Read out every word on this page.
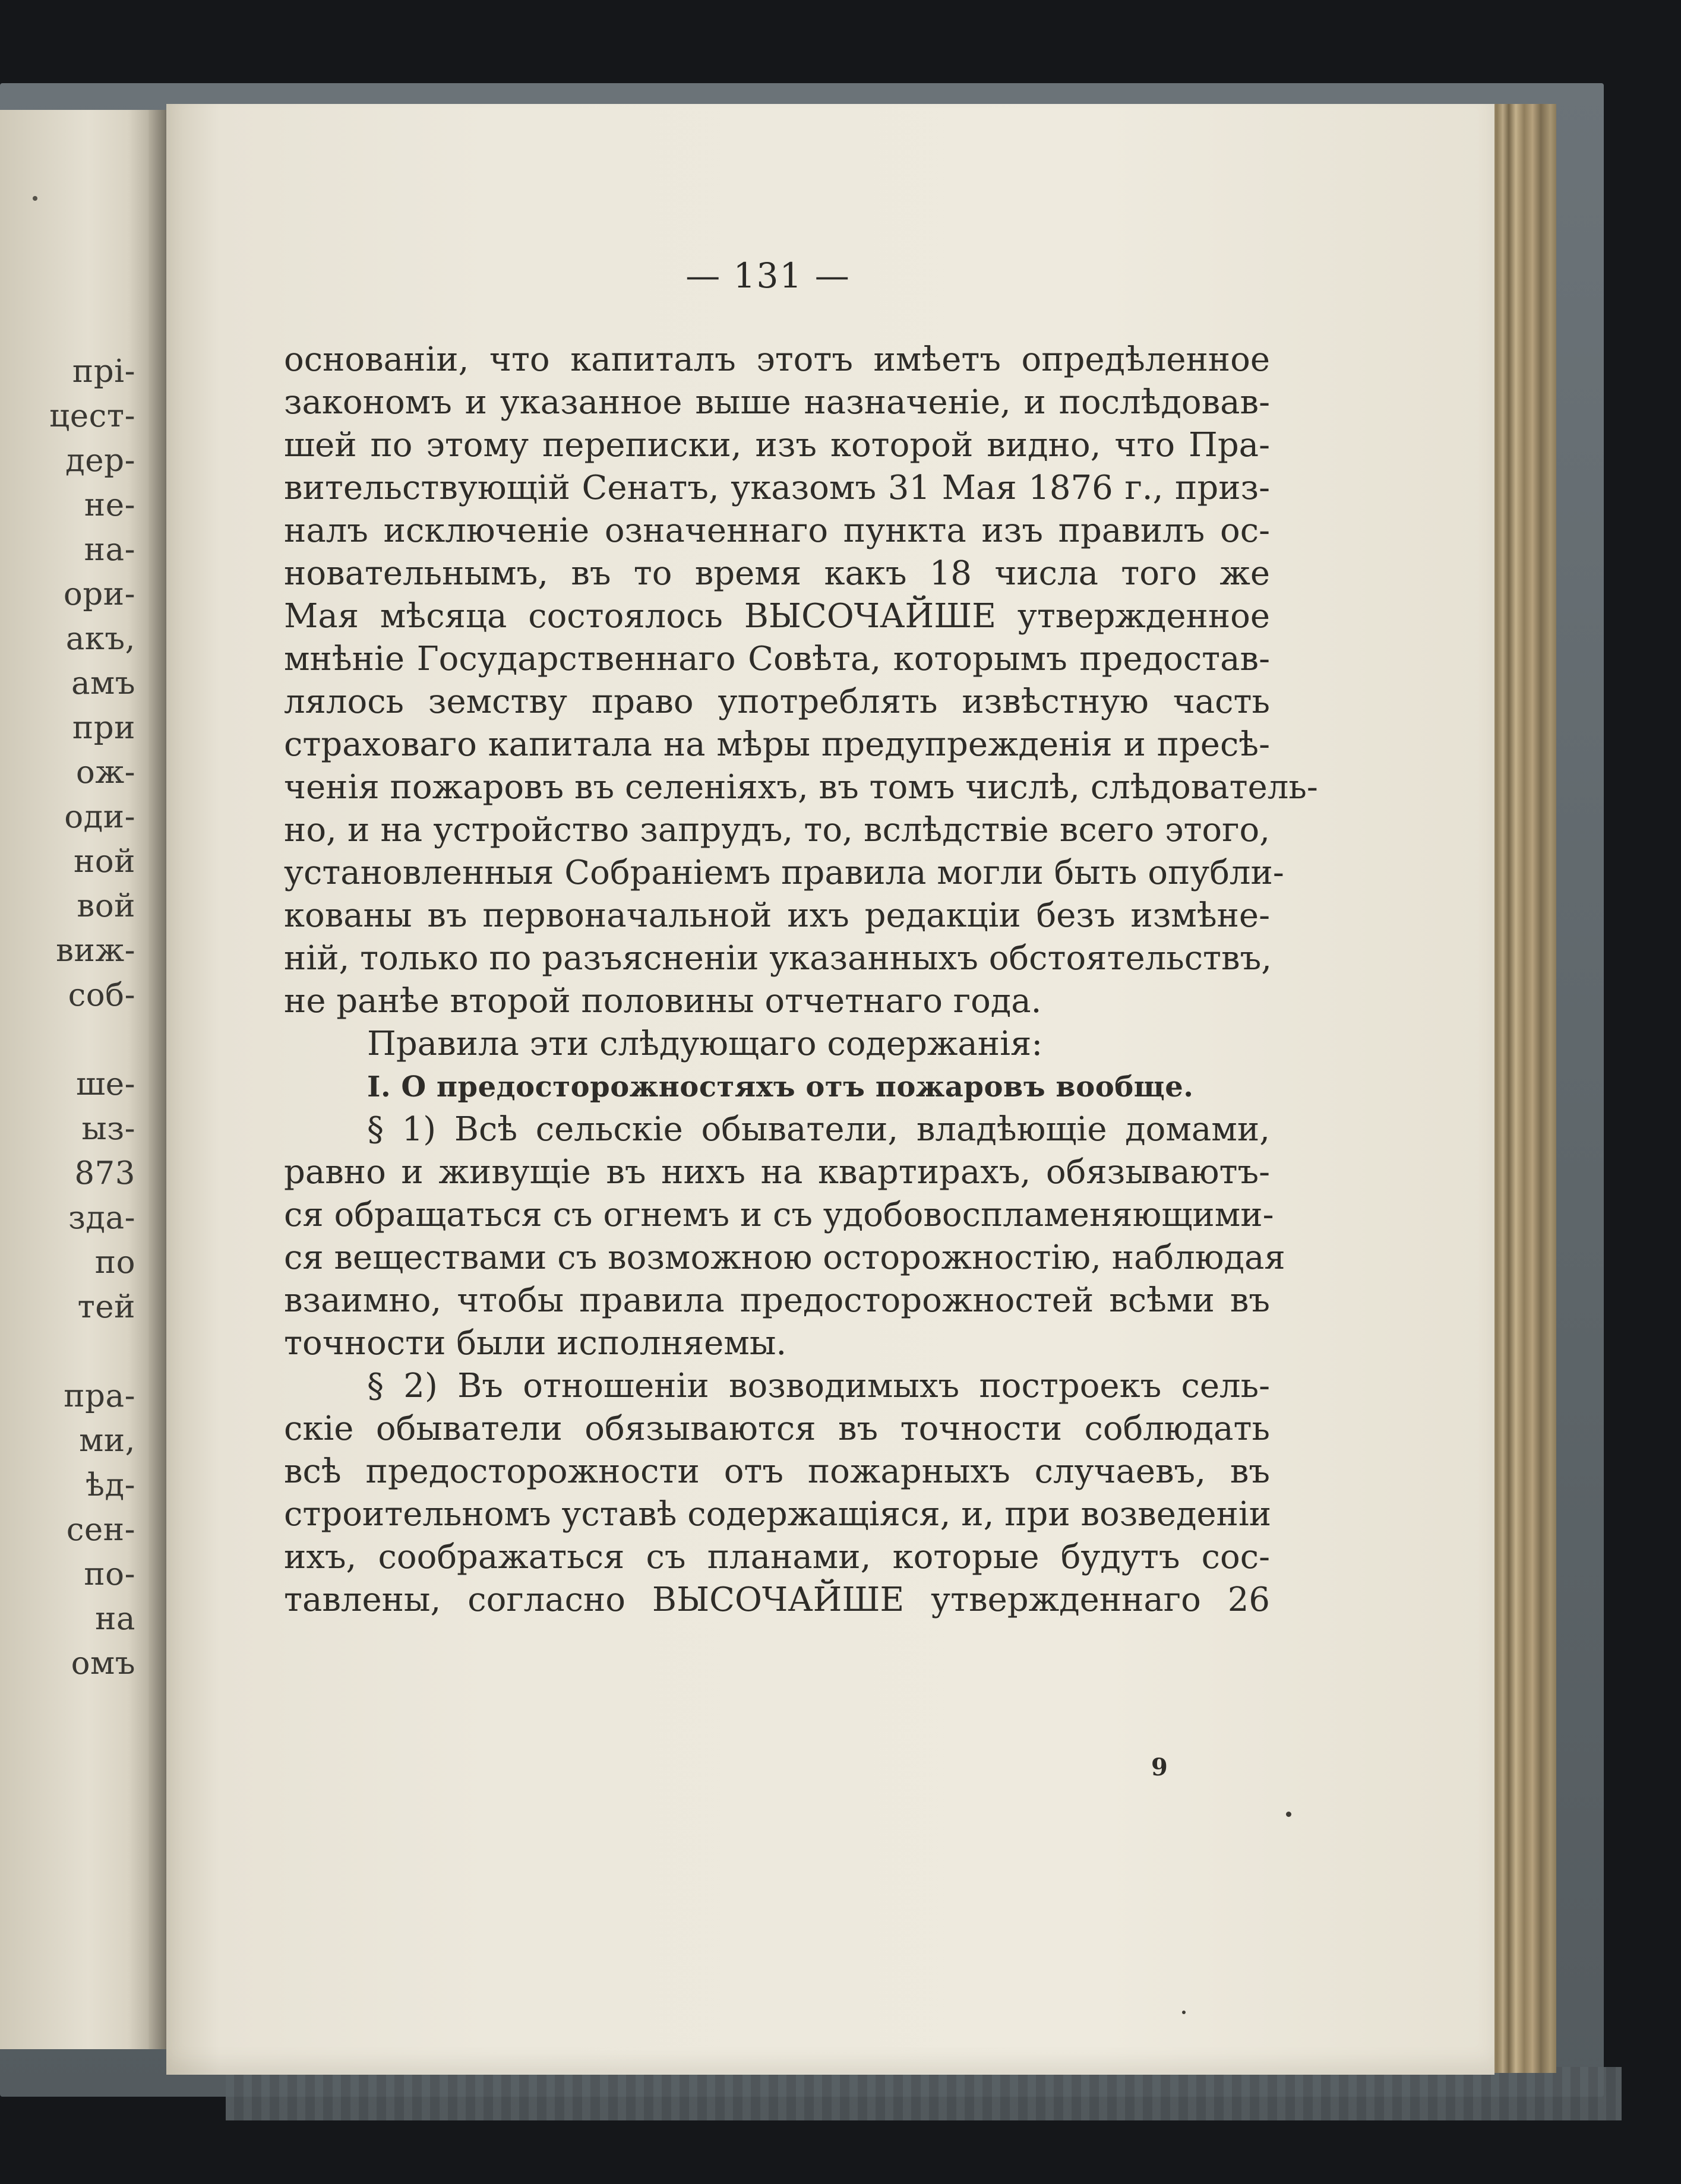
прі-
цест-
дер-
не-
на-
ори-
акъ,
амъ
при
ож-
оди-
ной
вой
виж-
соб-
ше-
ыз-
873
зда-
по
тей
пра-
ми,
ѣд-
сен-
по-
на
омъ
— 131 —
основаніи, что капиталъ этотъ имѣетъ опредѣленное
закономъ и указанное выше назначеніе, и послѣдовав-
шей по этому переписки, изъ которой видно, что Пра-
вительствующій Сенатъ, указомъ 31 Мая 1876 г., приз-
налъ исключеніе означеннаго пункта изъ правилъ ос-
новательнымъ, въ то время какъ 18 числа того же
Мая мѣсяца состоялось ВЫСОЧАЙШЕ утвержденное
мнѣніе Государственнаго Совѣта, которымъ предостав-
лялось земству право употреблять извѣстную часть
страховаго капитала на мѣры предупрежденія и пресѣ-
ченія пожаровъ въ селеніяхъ, въ томъ числѣ, слѣдователь-
но, и на устройство запрудъ, то, вслѣдствіе всего этого,
установленныя Собраніемъ правила могли быть опубли-
кованы въ первоначальной ихъ редакціи безъ измѣне-
ній, только по разъясненіи указанныхъ обстоятельствъ,
не ранѣе второй половины отчетнаго года.
Правила эти слѣдующаго содержанія:
I. О предосторожностяхъ отъ пожаровъ вообще.
§ 1) Всѣ сельскіе обыватели, владѣющіе домами,
равно и живущіе въ нихъ на квартирахъ, обязываютъ-
ся обращаться съ огнемъ и съ удобовоспламеняющими-
ся веществами съ возможною осторожностію, наблюдая
взаимно, чтобы правила предосторожностей всѣми въ
точности были исполняемы.
§ 2) Въ отношеніи возводимыхъ построекъ сель-
скіе обыватели обязываются въ точности соблюдать
всѣ предосторожности отъ пожарныхъ случаевъ, въ
строительномъ уставѣ содержащіяся, и, при возведеніи
ихъ, соображаться съ планами, которые будутъ сос-
тавлены, согласно ВЫСОЧАЙШЕ утвержденнаго 26
9
